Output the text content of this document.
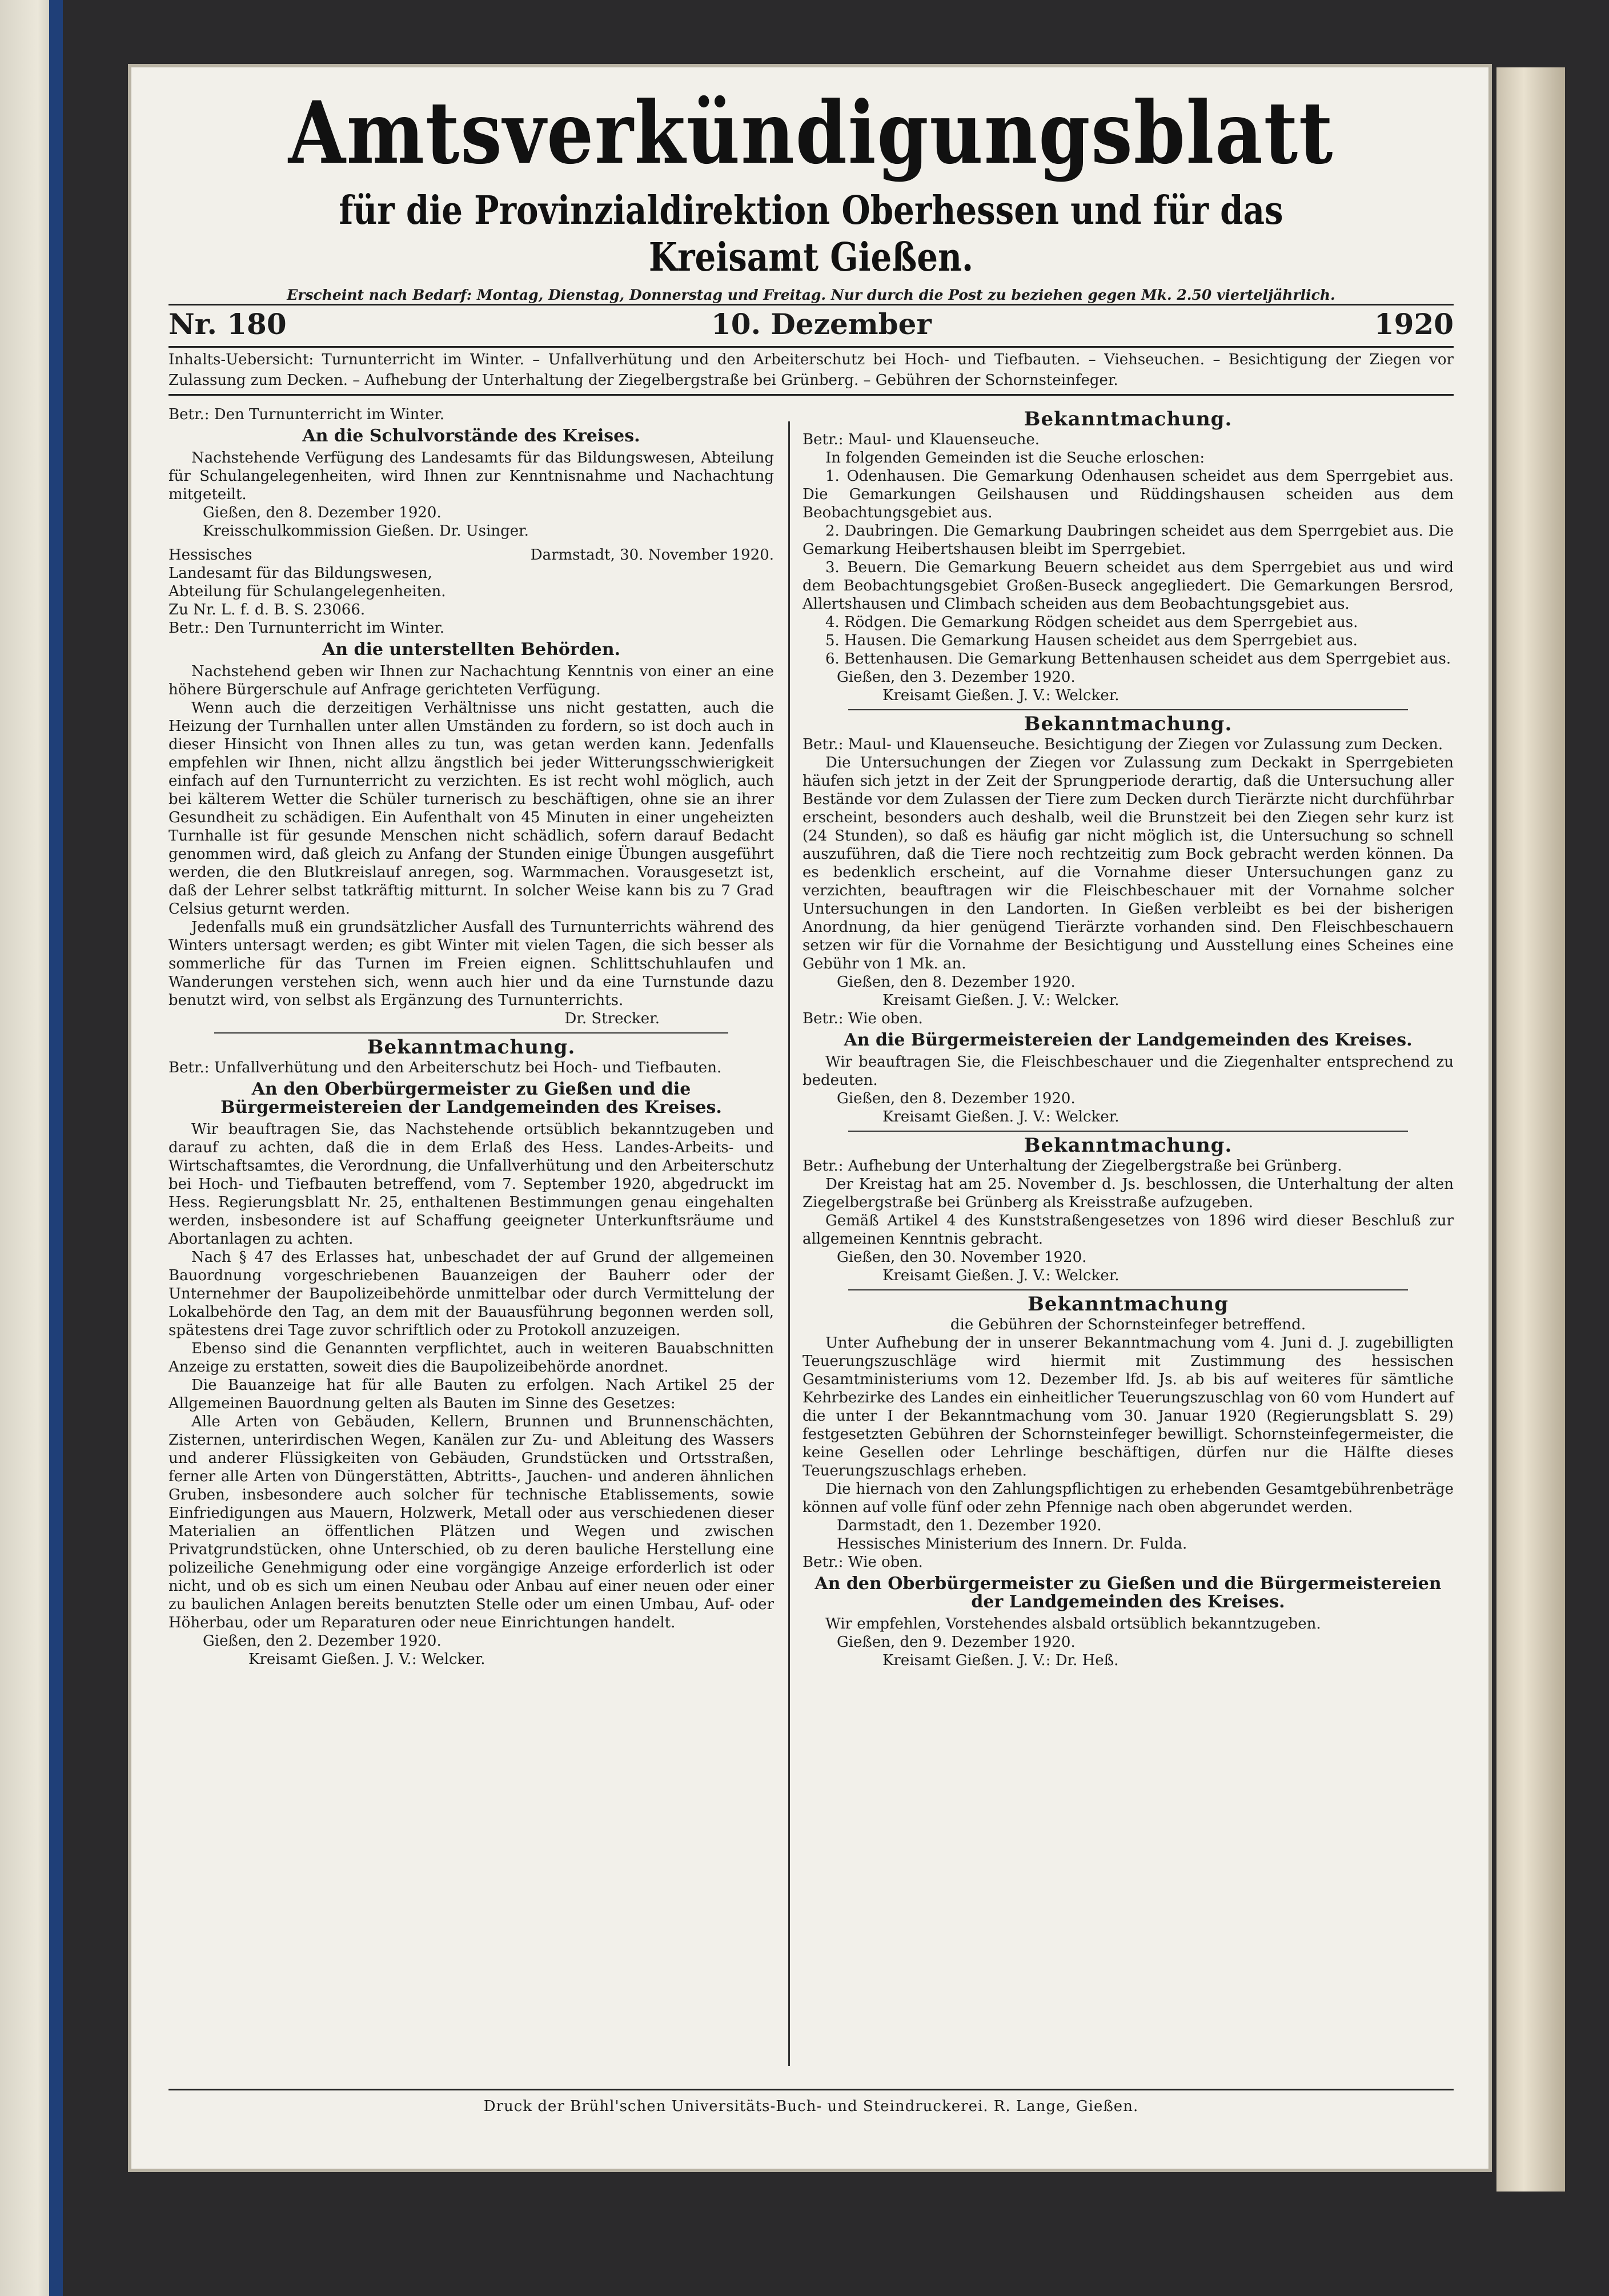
Amtsverkündigungsblatt
für die Provinzialdirektion Oberhessen und für das Kreisamt Gießen.
Erscheint nach Bedarf: Montag, Dienstag, Donnerstag und Freitag. Nur durch die Post zu beziehen gegen Mk. 2.50 vierteljährlich.
Nr. 180	10. Dezember	1920
Inhalts-Uebersicht: Turnunterricht im Winter. – Unfallverhütung und den Arbeiterschutz bei Hoch- und Tiefbauten. – Viehseuchen. – Besichtigung der Ziegen vor Zulassung zum Decken. – Aufhebung der Unterhaltung der Ziegelbergstraße bei Grünberg. – Gebühren der Schornsteinfeger.

Betr.: Den Turnunterricht im Winter.

An die Schulvorstände des Kreises.

Nachstehende Verfügung des Landesamts für das Bildungswesen, Abteilung für Schulangelegenheiten, wird Ihnen zur Kenntnisnahme und Nachachtung mitgeteilt.

Gießen, den 8. Dezember 1920.

Kreisschulkommission Gießen. Dr. Usinger.

Hessisches	Darmstadt, 30. November 1920.

Landesamt für das Bildungswesen,

Abteilung für Schulangelegenheiten.

Zu Nr. L. f. d. B. S. 23066.

Betr.: Den Turnunterricht im Winter.

An die unterstellten Behörden.

Nachstehend geben wir Ihnen zur Nachachtung Kenntnis von einer an eine höhere Bürgerschule auf Anfrage gerichteten Verfügung.

Wenn auch die derzeitigen Verhältnisse uns nicht gestatten, auch die Heizung der Turnhallen unter allen Umständen zu fordern, so ist doch auch in dieser Hinsicht von Ihnen alles zu tun, was getan werden kann. Jedenfalls empfehlen wir Ihnen, nicht allzu ängstlich bei jeder Witterungsschwierigkeit einfach auf den Turnunterricht zu verzichten. Es ist recht wohl möglich, auch bei kälterem Wetter die Schüler turnerisch zu beschäftigen, ohne sie an ihrer Gesundheit zu schädigen. Ein Aufenthalt von 45 Minuten in einer ungeheizten Turnhalle ist für gesunde Menschen nicht schädlich, sofern darauf Bedacht genommen wird, daß gleich zu Anfang der Stunden einige Übungen ausgeführt werden, die den Blutkreislauf anregen, sog. Warmmachen. Vorausgesetzt ist, daß der Lehrer selbst tatkräftig mitturnt. In solcher Weise kann bis zu 7 Grad Celsius geturnt werden.

Jedenfalls muß ein grundsätzlicher Ausfall des Turnunterrichts während des Winters untersagt werden; es gibt Winter mit vielen Tagen, die sich besser als sommerliche für das Turnen im Freien eignen. Schlittschuhlaufen und Wanderungen verstehen sich, wenn auch hier und da eine Turnstunde dazu benutzt wird, von selbst als Ergänzung des Turnunterrichts.

Dr. Strecker.

Bekanntmachung.

Betr.: Unfallverhütung und den Arbeiterschutz bei Hoch- und Tiefbauten.

An den Oberbürgermeister zu Gießen und die Bürgermeistereien der Landgemeinden des Kreises.

Wir beauftragen Sie, das Nachstehende ortsüblich bekanntzugeben und darauf zu achten, daß die in dem Erlaß des Hess. Landes-Arbeits- und Wirtschaftsamtes, die Verordnung, die Unfallverhütung und den Arbeiterschutz bei Hoch- und Tiefbauten betreffend, vom 7. September 1920, abgedruckt im Hess. Regierungsblatt Nr. 25, enthaltenen Bestimmungen genau eingehalten werden, insbesondere ist auf Schaffung geeigneter Unterkunftsräume und Abortanlagen zu achten.

Nach § 47 des Erlasses hat, unbeschadet der auf Grund der allgemeinen Bauordnung vorgeschriebenen Bauanzeigen der Bauherr oder der Unternehmer der Baupolizeibehörde unmittelbar oder durch Vermittelung der Lokalbehörde den Tag, an dem mit der Bauausführung begonnen werden soll, spätestens drei Tage zuvor schriftlich oder zu Protokoll anzuzeigen.

Ebenso sind die Genannten verpflichtet, auch in weiteren Bauabschnitten Anzeige zu erstatten, soweit dies die Baupolizeibehörde anordnet.

Die Bauanzeige hat für alle Bauten zu erfolgen. Nach Artikel 25 der Allgemeinen Bauordnung gelten als Bauten im Sinne des Gesetzes:

Alle Arten von Gebäuden, Kellern, Brunnen und Brunnenschächten, Zisternen, unterirdischen Wegen, Kanälen zur Zu- und Ableitung des Wassers und anderer Flüssigkeiten von Gebäuden, Grundstücken und Ortsstraßen, ferner alle Arten von Düngerstätten, Abtritts-, Jauchen- und anderen ähnlichen Gruben, insbesondere auch solcher für technische Etablissements, sowie Einfriedigungen aus Mauern, Holzwerk, Metall oder aus verschiedenen dieser Materialien an öffentlichen Plätzen und Wegen und zwischen Privatgrundstücken, ohne Unterschied, ob zu deren bauliche Herstellung eine polizeiliche Genehmigung oder eine vorgängige Anzeige erforderlich ist oder nicht, und ob es sich um einen Neubau oder Anbau auf einer neuen oder einer zu baulichen Anlagen bereits benutzten Stelle oder um einen Umbau, Auf- oder Höherbau, oder um Reparaturen oder neue Einrichtungen handelt.

Gießen, den 2. Dezember 1920.

Kreisamt Gießen. J. V.: Welcker.

Bekanntmachung.

Betr.: Maul- und Klauenseuche.

In folgenden Gemeinden ist die Seuche erloschen:

1. Odenhausen. Die Gemarkung Odenhausen scheidet aus dem Sperrgebiet aus. Die Gemarkungen Geilshausen und Rüddingshausen scheiden aus dem Beobachtungsgebiet aus.

2. Daubringen. Die Gemarkung Daubringen scheidet aus dem Sperrgebiet aus. Die Gemarkung Heibertshausen bleibt im Sperrgebiet.

3. Beuern. Die Gemarkung Beuern scheidet aus dem Sperrgebiet aus und wird dem Beobachtungsgebiet Großen-Buseck angegliedert. Die Gemarkungen Bersrod, Allertshausen und Climbach scheiden aus dem Beobachtungsgebiet aus.

4. Rödgen. Die Gemarkung Rödgen scheidet aus dem Sperrgebiet aus.

5. Hausen. Die Gemarkung Hausen scheidet aus dem Sperrgebiet aus.

6. Bettenhausen. Die Gemarkung Bettenhausen scheidet aus dem Sperrgebiet aus.

Gießen, den 3. Dezember 1920.

Kreisamt Gießen. J. V.: Welcker.

Bekanntmachung.

Betr.: Maul- und Klauenseuche. Besichtigung der Ziegen vor Zulassung zum Decken.

Die Untersuchungen der Ziegen vor Zulassung zum Deckakt in Sperrgebieten häufen sich jetzt in der Zeit der Sprungperiode derartig, daß die Untersuchung aller Bestände vor dem Zulassen der Tiere zum Decken durch Tierärzte nicht durchführbar erscheint, besonders auch deshalb, weil die Brunstzeit bei den Ziegen sehr kurz ist (24 Stunden), so daß es häufig gar nicht möglich ist, die Untersuchung so schnell auszuführen, daß die Tiere noch rechtzeitig zum Bock gebracht werden können. Da es bedenklich erscheint, auf die Vornahme dieser Untersuchungen ganz zu verzichten, beauftragen wir die Fleischbeschauer mit der Vornahme solcher Untersuchungen in den Landorten. In Gießen verbleibt es bei der bisherigen Anordnung, da hier genügend Tierärzte vorhanden sind. Den Fleischbeschauern setzen wir für die Vornahme der Besichtigung und Ausstellung eines Scheines eine Gebühr von 1 Mk. an.

Gießen, den 8. Dezember 1920.

Kreisamt Gießen. J. V.: Welcker.

Betr.: Wie oben.

An die Bürgermeistereien der Landgemeinden des Kreises.

Wir beauftragen Sie, die Fleischbeschauer und die Ziegenhalter entsprechend zu bedeuten.

Gießen, den 8. Dezember 1920.

Kreisamt Gießen. J. V.: Welcker.

Bekanntmachung.

Betr.: Aufhebung der Unterhaltung der Ziegelbergstraße bei Grünberg.

Der Kreistag hat am 25. November d. Js. beschlossen, die Unterhaltung der alten Ziegelbergstraße bei Grünberg als Kreisstraße aufzugeben.

Gemäß Artikel 4 des Kunststraßengesetzes von 1896 wird dieser Beschluß zur allgemeinen Kenntnis gebracht.

Gießen, den 30. November 1920.

Kreisamt Gießen. J. V.: Welcker.

Bekanntmachung

die Gebühren der Schornsteinfeger betreffend.

Unter Aufhebung der in unserer Bekanntmachung vom 4. Juni d. J. zugebilligten Teuerungszuschläge wird hiermit mit Zustimmung des hessischen Gesamtministeriums vom 12. Dezember lfd. Js. ab bis auf weiteres für sämtliche Kehrbezirke des Landes ein einheitlicher Teuerungszuschlag von 60 vom Hundert auf die unter I der Bekanntmachung vom 30. Januar 1920 (Regierungsblatt S. 29) festgesetzten Gebühren der Schornsteinfeger bewilligt. Schornsteinfegermeister, die keine Gesellen oder Lehrlinge beschäftigen, dürfen nur die Hälfte dieses Teuerungszuschlags erheben.

Die hiernach von den Zahlungspflichtigen zu erhebenden Gesamtgebührenbeträge können auf volle fünf oder zehn Pfennige nach oben abgerundet werden.

Darmstadt, den 1. Dezember 1920.

Hessisches Ministerium des Innern. Dr. Fulda.

Betr.: Wie oben.

An den Oberbürgermeister zu Gießen und die Bürgermeistereien der Landgemeinden des Kreises.

Wir empfehlen, Vorstehendes alsbald ortsüblich bekanntzugeben.

Gießen, den 9. Dezember 1920.

Kreisamt Gießen. J. V.: Dr. Heß.

Druck der Brühl'schen Universitäts-Buch- und Steindruckerei. R. Lange, Gießen.
